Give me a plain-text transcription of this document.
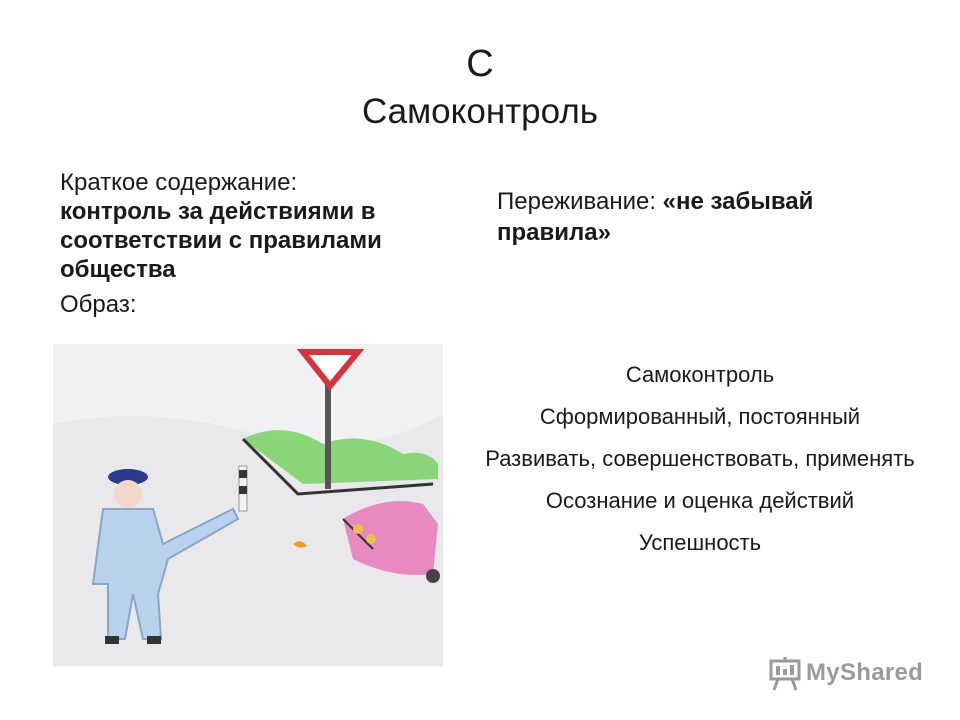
С
Самоконтроль

Краткое содержание:
контроль за действиями в соответствии с правилами общества

Образ:

Переживание: «не забывай правила»
Самоконтроль
Сформированный, постоянный
Развивать, совершенствовать, применять
Осознание и оценка действий
Успешность
MyShared
